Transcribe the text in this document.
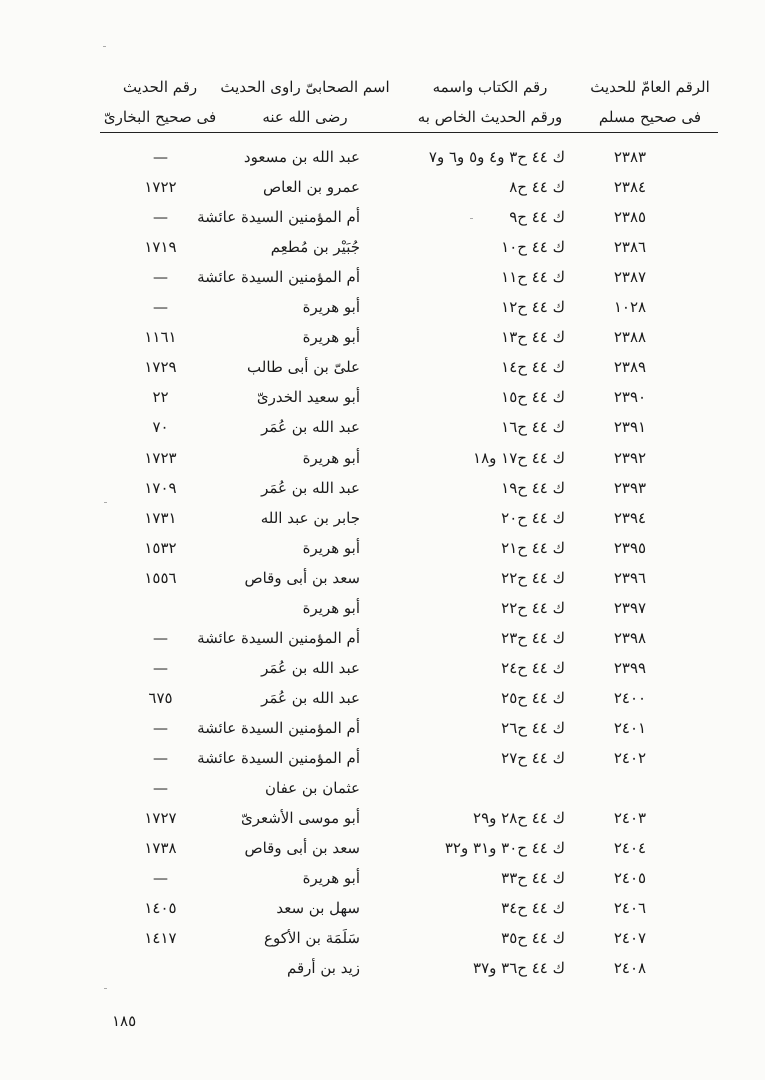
الرقم العامّ للحديث
فى صحيح مسلم
رقم الكتاب واسمه
ورقم الحديث الخاص به
اسم الصحابىّ راوى الحديث
رضى الله عنه
رقم الحديث
فى صحيح البخارىّ
٢٣٨٣
ك ٤٤ ح٣ و٤ و٥ و٦ و٧
عبد الله بن مسعود
—
٢٣٨٤
ك ٤٤ ح٨
عمرو بن العاص
١٧٢٢
٢٣٨٥
ك ٤٤ ح٩
أم المؤمنين السيدة عائشة
—
٢٣٨٦
ك ٤٤ ح١٠
جُبَيْر بن مُطعِم
١٧١٩
٢٣٨٧
ك ٤٤ ح١١
أم المؤمنين السيدة عائشة
—
١٠٢٨
ك ٤٤ ح١٢
أبو هريرة
—
٢٣٨٨
ك ٤٤ ح١٣
أبو هريرة
١١٦١
٢٣٨٩
ك ٤٤ ح١٤
علىّ بن أبى طالب
١٧٢٩
٢٣٩٠
ك ٤٤ ح١٥
أبو سعيد الخدرىّ
٢٢
٢٣٩١
ك ٤٤ ح١٦
عبد الله بن عُمَر
٧٠
٢٣٩٢
ك ٤٤ ح١٧ و١٨
أبو هريرة
١٧٢٣
٢٣٩٣
ك ٤٤ ح١٩
عبد الله بن عُمَر
١٧٠٩
٢٣٩٤
ك ٤٤ ح٢٠
جابر بن عبد الله
١٧٣١
٢٣٩٥
ك ٤٤ ح٢١
أبو هريرة
١٥٣٢
٢٣٩٦
ك ٤٤ ح٢٢
سعد بن أبى وقاص
١٥٥٦
٢٣٩٧
ك ٤٤ ح٢٢
أبو هريرة
٢٣٩٨
ك ٤٤ ح٢٣
أم المؤمنين السيدة عائشة
—
٢٣٩٩
ك ٤٤ ح٢٤
عبد الله بن عُمَر
—
٢٤٠٠
ك ٤٤ ح٢٥
عبد الله بن عُمَر
٦٧٥
٢٤٠١
ك ٤٤ ح٢٦
أم المؤمنين السيدة عائشة
—
٢٤٠٢
ك ٤٤ ح٢٧
أم المؤمنين السيدة عائشة
—
عثمان بن عفان
—
٢٤٠٣
ك ٤٤ ح٢٨ و٢٩
أبو موسى الأشعرىّ
١٧٢٧
٢٤٠٤
ك ٤٤ ح٣٠ و٣١ و٣٢
سعد بن أبى وقاص
١٧٣٨
٢٤٠٥
ك ٤٤ ح٣٣
أبو هريرة
—
٢٤٠٦
ك ٤٤ ح٣٤
سهل بن سعد
١٤٠٥
٢٤٠٧
ك ٤٤ ح٣٥
سَلَمَة بن الأكوع
١٤١٧
٢٤٠٨
ك ٤٤ ح٣٦ و٣٧
زيد بن أرقم
١٨٥
